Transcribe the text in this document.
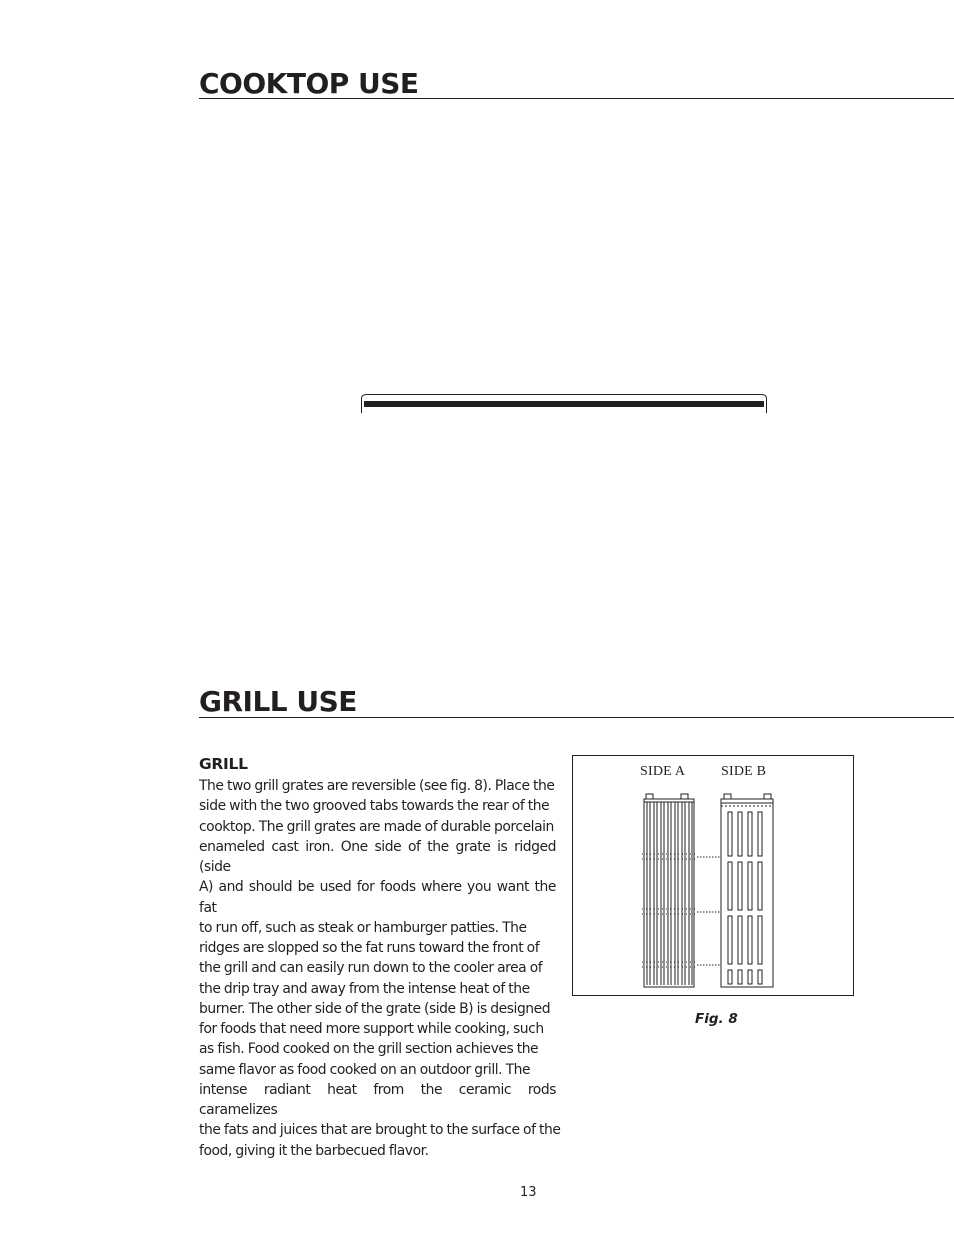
COOKTOP USE
GRILL USE
GRILL

The two grill grates are reversible (see fig. 8). Place the
side with the two grooved tabs towards the rear of the
cooktop. The grill grates are made of durable porcelain
enameled cast iron. One side of the grate is ridged (side
A) and should be used for foods where you want the fat
to run off, such as steak or hamburger patties. The
ridges are slopped so the fat runs toward the front of
the grill and can easily run down to the cooler area of
the drip tray and away from the intense heat of the
burner. The other side of the grate (side B) is designed
for foods that need more support while cooking, such
as fish. Food cooked on the grill section achieves the
same flavor as food cooked on an outdoor grill. The
intense radiant heat from the ceramic rods caramelizes
the fats and juices that are brought to the surface of the
food, giving it the barbecued flavor.

SIDE A	SIDE B

Fig. 8

13
